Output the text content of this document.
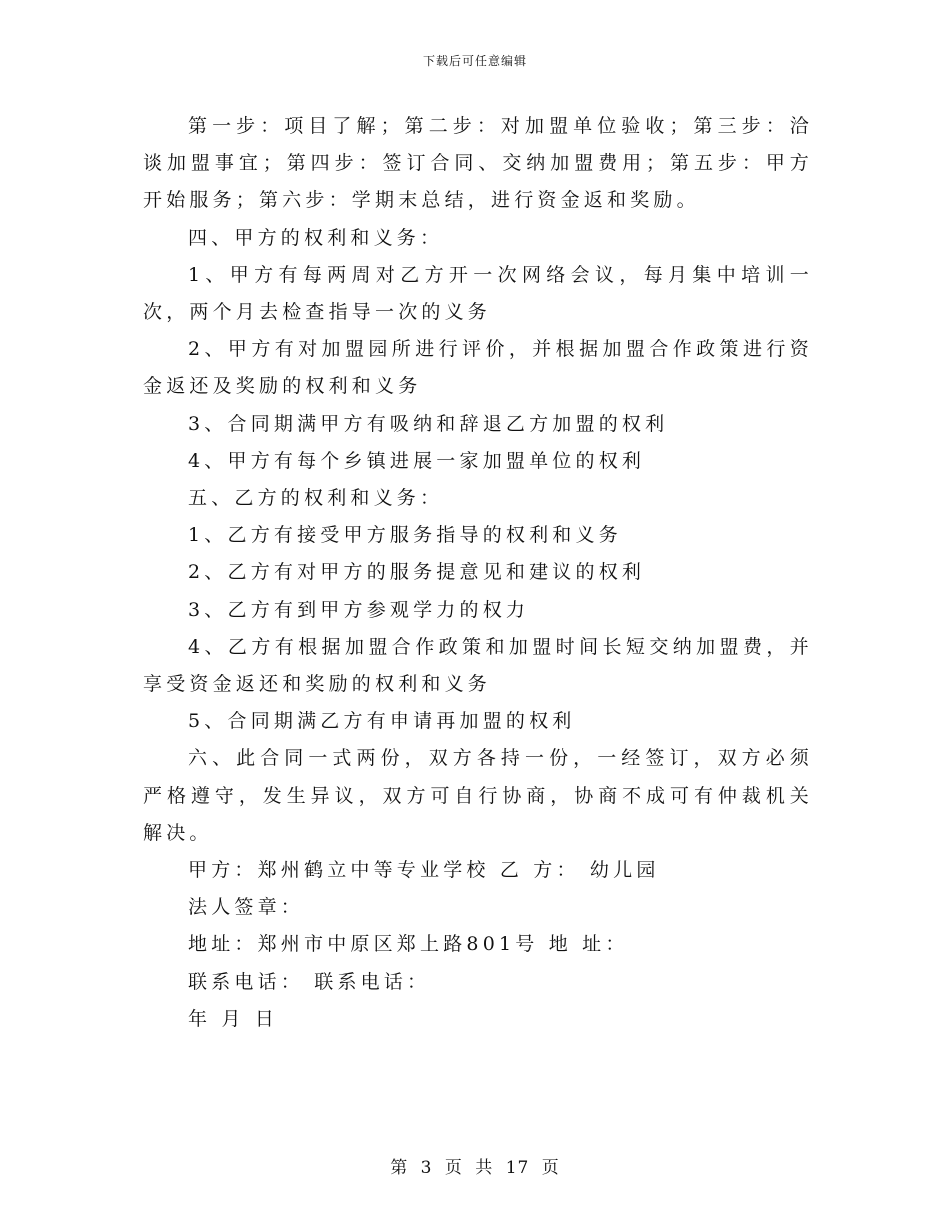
下载后可任意编辑

第一步：项目了解；第二步：对加盟单位验收；第三步：洽谈加盟事宜；第四步：签订合同、交纳加盟费用；第五步：甲方开始服务；第六步：学期末总结，进行资金返和奖励。

四、甲方的权利和义务：

1、甲方有每两周对乙方开一次网络会议，每月集中培训一次，两个月去检查指导一次的义务

2、甲方有对加盟园所进行评价，并根据加盟合作政策进行资金返还及奖励的权利和义务

3、合同期满甲方有吸纳和辞退乙方加盟的权利

4、甲方有每个乡镇进展一家加盟单位的权利

五、乙方的权利和义务：

1、乙方有接受甲方服务指导的权利和义务

2、乙方有对甲方的服务提意见和建议的权利

3、乙方有到甲方参观学力的权力

4、乙方有根据加盟合作政策和加盟时间长短交纳加盟费，并享受资金返还和奖励的权利和义务

5、合同期满乙方有申请再加盟的权利

六、此合同一式两份，双方各持一份，一经签订，双方必须严格遵守，发生异议，双方可自行协商，协商不成可有仲裁机关解决。

甲方：郑州鹤立中等专业学校 乙 方： 幼儿园

法人签章：

地址：郑州市中原区郑上路801号 地 址：

联系电话： 联系电话：

年 月 日

第 3 页 共 17 页
